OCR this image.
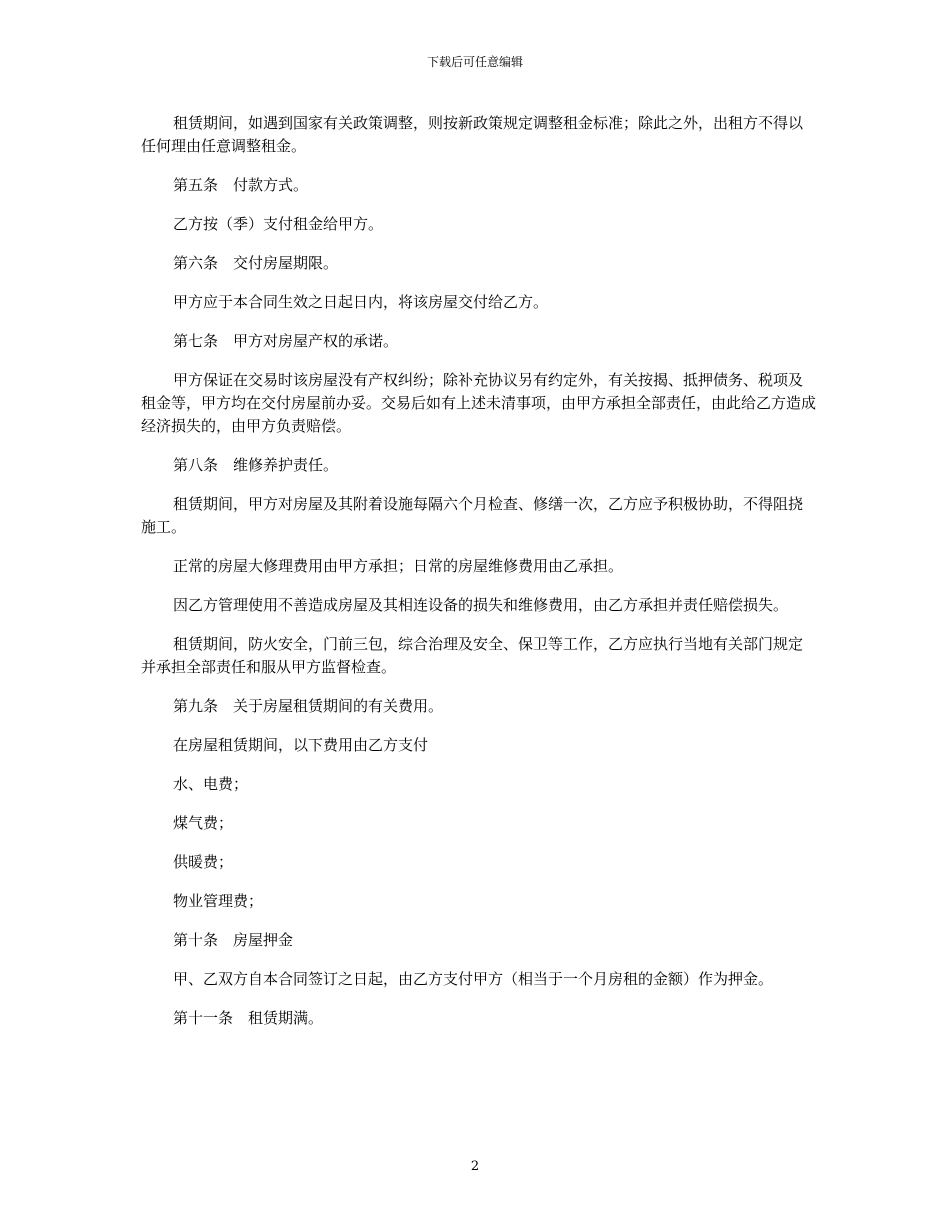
下载后可任意编辑

租赁期间，如遇到国家有关政策调整，则按新政策规定调整租金标准；除此之外，出租方不得以任何理由任意调整租金。

第五条　付款方式。

乙方按（季）支付租金给甲方。

第六条　交付房屋期限。

甲方应于本合同生效之日起日内，将该房屋交付给乙方。

第七条　甲方对房屋产权的承诺。

甲方保证在交易时该房屋没有产权纠纷；除补充协议另有约定外，有关按揭、抵押债务、税项及租金等，甲方均在交付房屋前办妥。交易后如有上述未清事项，由甲方承担全部责任，由此给乙方造成经济损失的，由甲方负责赔偿。

第八条　维修养护责任。

租赁期间，甲方对房屋及其附着设施每隔六个月检查、修缮一次，乙方应予积极协助，不得阻挠施工。

正常的房屋大修理费用由甲方承担；日常的房屋维修费用由乙承担。

因乙方管理使用不善造成房屋及其相连设备的损失和维修费用，由乙方承担并责任赔偿损失。

租赁期间，防火安全，门前三包，综合治理及安全、保卫等工作，乙方应执行当地有关部门规定并承担全部责任和服从甲方监督检查。

第九条　关于房屋租赁期间的有关费用。

在房屋租赁期间，以下费用由乙方支付

水、电费；

煤气费；

供暖费；

物业管理费；

第十条　房屋押金

甲、乙双方自本合同签订之日起，由乙方支付甲方（相当于一个月房租的金额）作为押金。

第十一条　租赁期满。

2
